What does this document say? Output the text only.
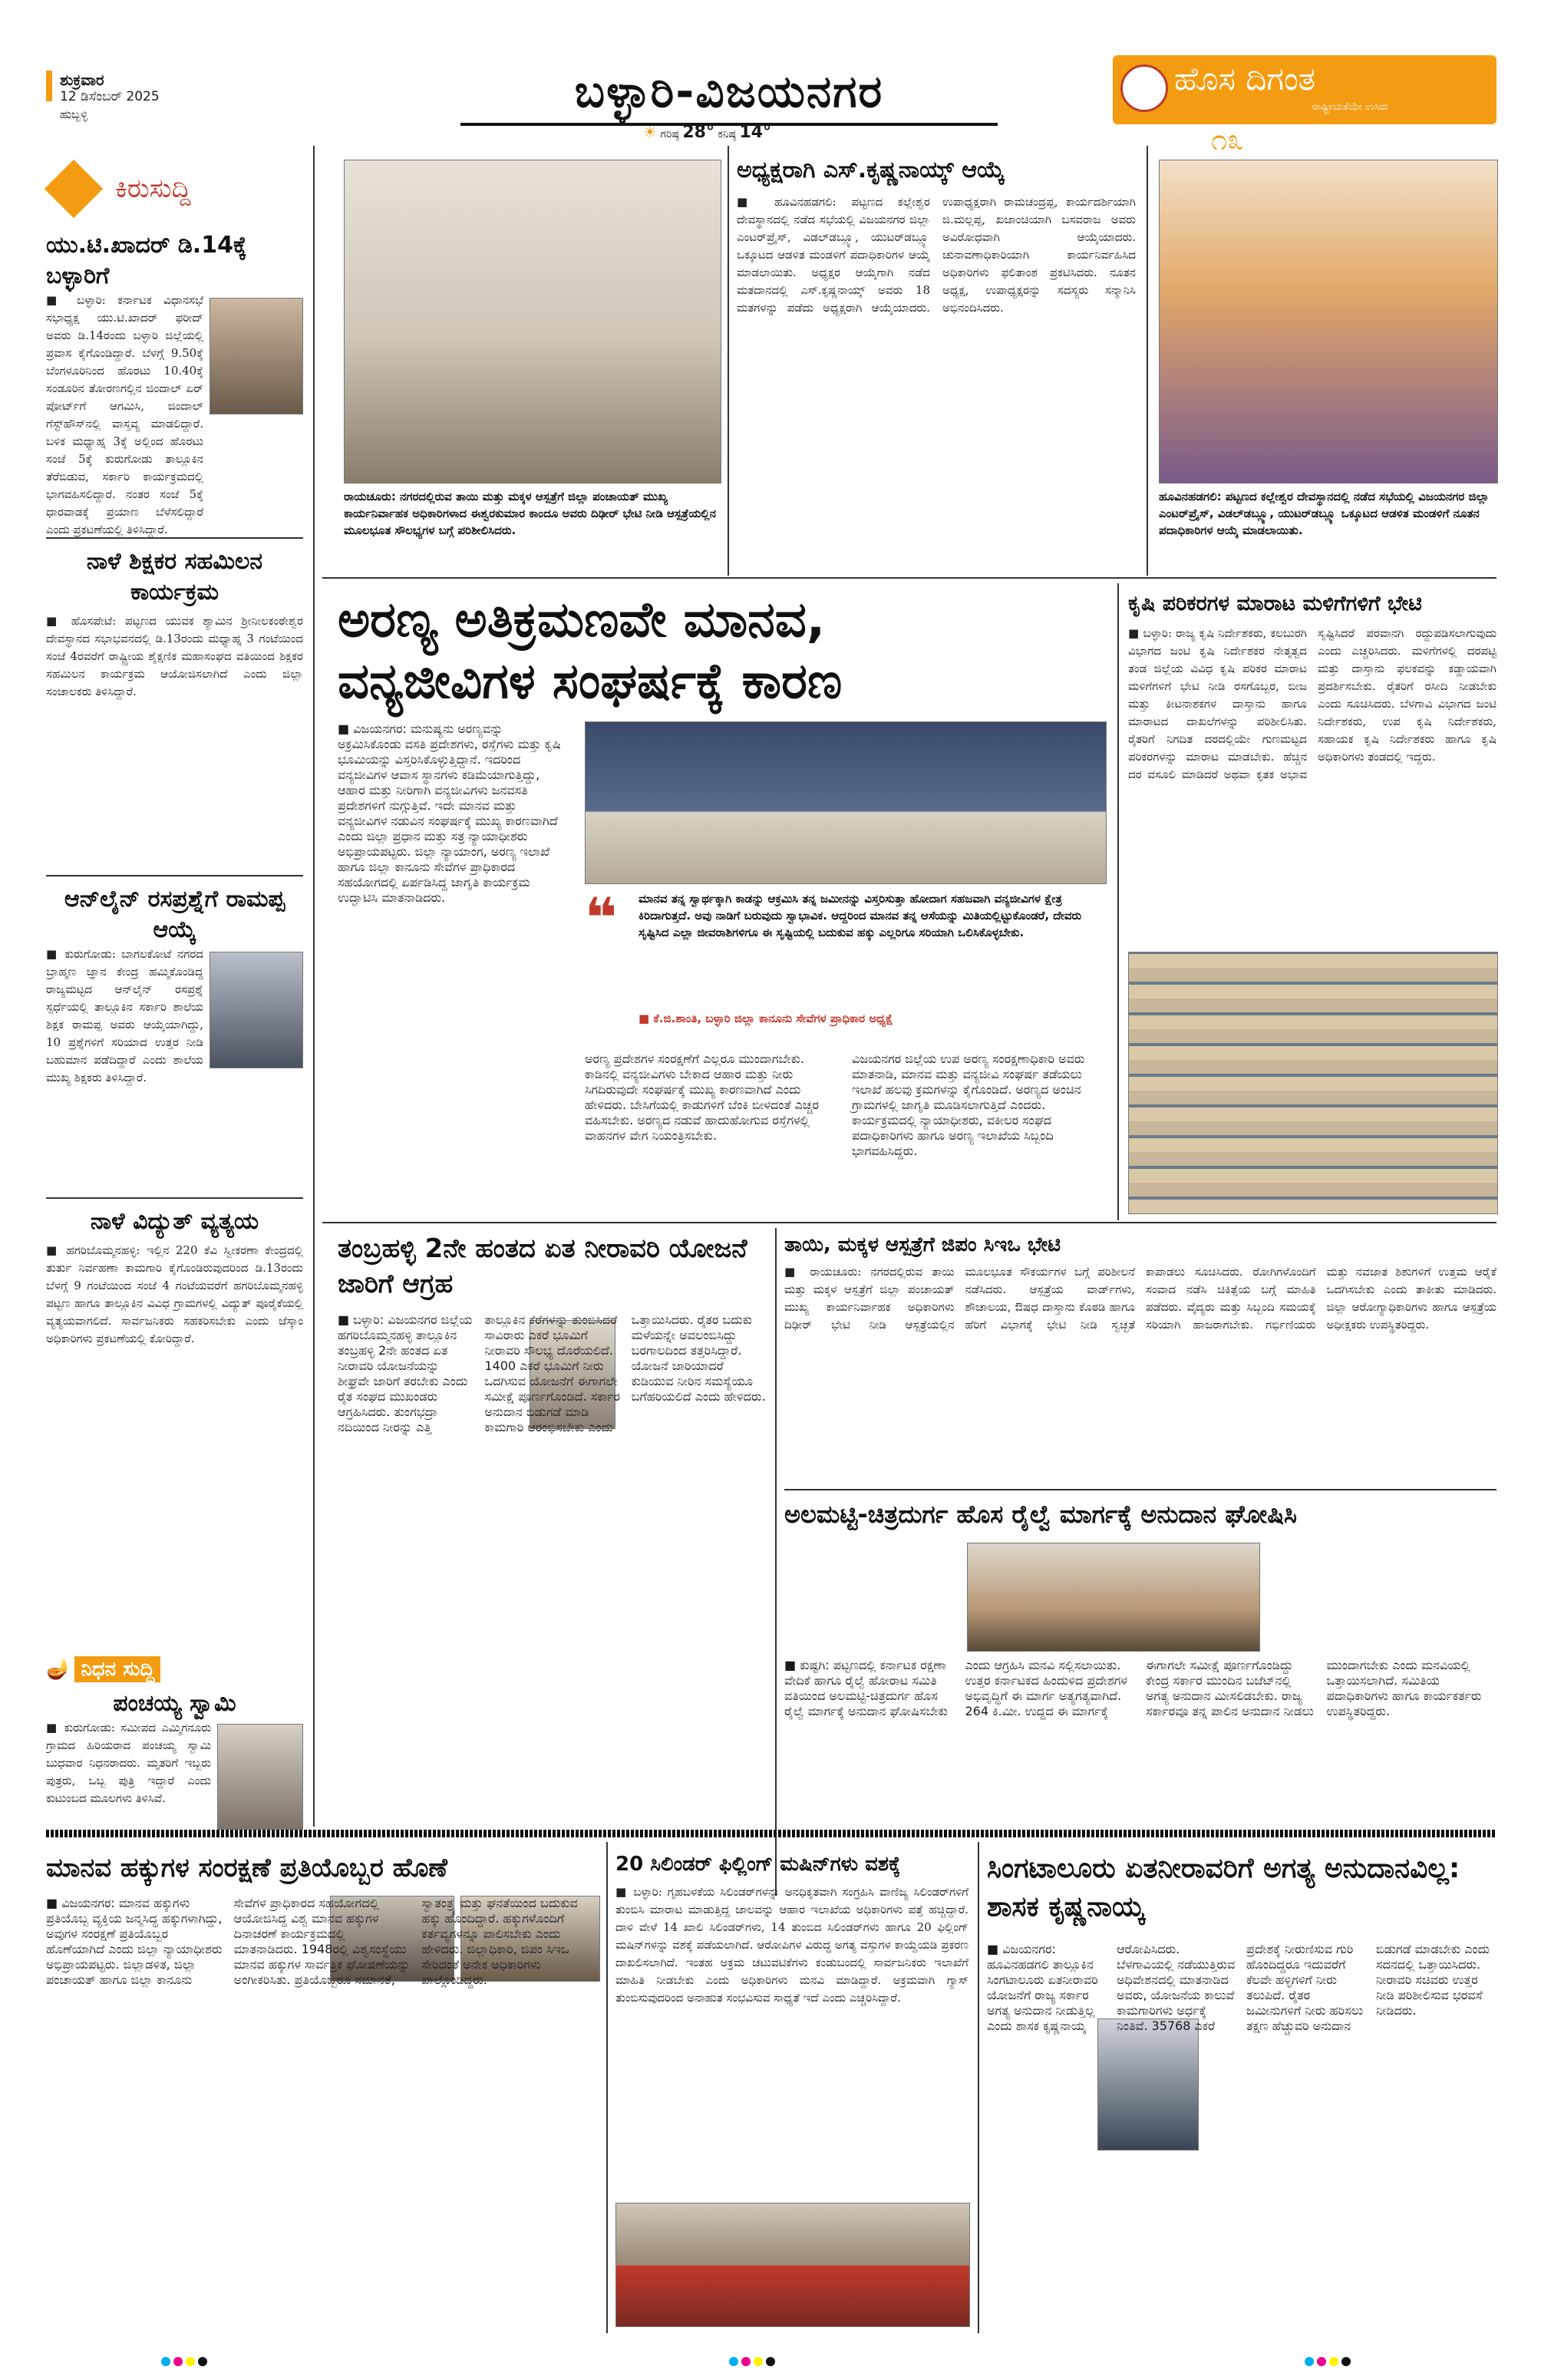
ಶುಕ್ರವಾರ
12 ಡಿಸೆಂಬರ್ 2025
ಹುಬ್ಬಳ್ಳಿ	ಬಳ್ಳಾರಿ-ವಿಜಯನಗರ
☀ ಗರಿಷ್ಠ 28° ಕನಿಷ್ಠ 14°
ಹೊಸ ದಿಗಂತ
ರಾಷ್ಟ್ರೀಯತೆಯೇ ಉಸಿರು
೧೩
ಕಿರುಸುದ್ದಿ
ಯು.ಟಿ.ಖಾದರ್ ಡಿ.14ಕ್ಕೆ ಬಳ್ಳಾರಿಗೆ
■ ಬಳ್ಳಾರಿ: ಕರ್ನಾಟಕ ವಿಧಾನಸಭೆ ಸಭಾಧ್ಯಕ್ಷ ಯು.ಟಿ.ಖಾದರ್ ಫರೀದ್ ಅವರು ಡಿ.14ರಂದು ಬಳ್ಳಾರಿ ಜಿಲ್ಲೆಯಲ್ಲಿ ಪ್ರವಾಸ ಕೈಗೊಂಡಿದ್ದಾರೆ. ಬೆಳಗ್ಗೆ 9.50ಕ್ಕೆ ಬೆಂಗಳೂರಿನಿಂದ ಹೊರಟು 10.40ಕ್ಕೆ ಸಂಡೂರಿನ ತೋರಣಗಲ್ಲಿನ ಜಿಂದಾಲ್ ಏರ್ ಪೋರ್ಟ್‌ಗೆ ಆಗಮಿಸಿ, ಜಿಂದಾಲ್ ಗೆಸ್ಟ್‌ಹೌಸ್‌ನಲ್ಲಿ ವಾಸ್ತವ್ಯ ಮಾಡಲಿದ್ದಾರೆ. ಬಳಿಕ ಮಧ್ಯಾಹ್ನ 3ಕ್ಕೆ ಅಲ್ಲಿಂದ ಹೊರಟು ಸಂಜೆ 5ಕ್ಕೆ ಕುರುಗೋಡು ತಾಲ್ಲೂಕಿನ ತೆರೆಬಿಡುವ, ಸರ್ಕಾರಿ ಕಾರ್ಯಕ್ರಮದಲ್ಲಿ ಭಾಗವಹಿಸಲಿದ್ದಾರೆ. ನಂತರ ಸಂಜೆ 5ಕ್ಕೆ ಧಾರವಾಡಕ್ಕೆ ಪ್ರಯಾಣ ಬೆಳೆಸಲಿದ್ದಾರೆ ಎಂದು ಪ್ರಕಟಣೆಯಲ್ಲಿ ತಿಳಿಸಿದ್ದಾರೆ.
ನಾಳೆ ಶಿಕ್ಷಕರ ಸಹಮಿಲನ ಕಾರ್ಯಕ್ರಮ
■ ಹೊಸಪೇಟೆ: ಪಟ್ಟಣದ ಯುವಕ ಶ್ಯಾಮಿನ ಶ್ರೀನೀಲಕಂಠೇಶ್ವರ ದೇವಸ್ಥಾನದ ಸಭಾಭವನದಲ್ಲಿ ಡಿ.13ರಂದು ಮಧ್ಯಾಹ್ನ 3 ಗಂಟೆಯಿಂದ ಸಂಜೆ 4ರವರೆಗೆ ರಾಷ್ಟ್ರೀಯ ಶೈಕ್ಷಣಿಕ ಮಹಾಸಂಘದ ವತಿಯಿಂದ ಶಿಕ್ಷಕರ ಸಹಮಿಲನ ಕಾರ್ಯಕ್ರಮ ಆಯೋಜಿಸಲಾಗಿದೆ ಎಂದು ಜಿಲ್ಲಾ ಸಂಚಾಲಕರು ತಿಳಿಸಿದ್ದಾರೆ.
ಆನ್‌ಲೈನ್ ರಸಪ್ರಶ್ನೆಗೆ ರಾಮಪ್ಪ ಆಯ್ಕೆ
■ ಕುರುಗೋಡು: ಬಾಗಲಕೋಟೆ ನಗರದ ಬ್ರಾಹ್ಮಣ ಜ್ಞಾನ ಕೇಂದ್ರ ಹಮ್ಮಿಕೊಂಡಿದ್ದ ರಾಜ್ಯಮಟ್ಟದ ಆನ್‌ಲೈನ್ ರಸಪ್ರಶ್ನೆ ಸ್ಪರ್ಧೆಯಲ್ಲಿ ತಾಲ್ಲೂಕಿನ ಸರ್ಕಾರಿ ಶಾಲೆಯ ಶಿಕ್ಷಕ ರಾಮಪ್ಪ ಅವರು ಆಯ್ಕೆಯಾಗಿದ್ದು, 10 ಪ್ರಶ್ನೆಗಳಿಗೆ ಸರಿಯಾದ ಉತ್ತರ ನೀಡಿ ಬಹುಮಾನ ಪಡೆದಿದ್ದಾರೆ ಎಂದು ಶಾಲೆಯ ಮುಖ್ಯ ಶಿಕ್ಷಕರು ತಿಳಿಸಿದ್ದಾರೆ.
ನಾಳೆ ವಿದ್ಯುತ್ ವ್ಯತ್ಯಯ
■ ಹಗರಿಬೊಮ್ಮನಹಳ್ಳಿ: ಇಲ್ಲಿನ 220 ಕೆವಿ ಸ್ವೀಕರಣಾ ಕೇಂದ್ರದಲ್ಲಿ ತುರ್ತು ನಿರ್ವಹಣಾ ಕಾಮಗಾರಿ ಕೈಗೊಂಡಿರುವುದರಿಂದ ಡಿ.13ರಂದು ಬೆಳಗ್ಗೆ 9 ಗಂಟೆಯಿಂದ ಸಂಜೆ 4 ಗಂಟೆಯವರೆಗೆ ಹಗರಿಬೊಮ್ಮನಹಳ್ಳಿ ಪಟ್ಟಣ ಹಾಗೂ ತಾಲ್ಲೂಕಿನ ವಿವಿಧ ಗ್ರಾಮಗಳಲ್ಲಿ ವಿದ್ಯುತ್ ಪೂರೈಕೆಯಲ್ಲಿ ವ್ಯತ್ಯಯವಾಗಲಿದೆ. ಸಾರ್ವಜನಿಕರು ಸಹಕರಿಸಬೇಕು ಎಂದು ಜೆಸ್ಕಾಂ ಅಧಿಕಾರಿಗಳು ಪ್ರಕಟಣೆಯಲ್ಲಿ ಕೋರಿದ್ದಾರೆ.
🪔 ನಿಧನ ಸುದ್ದಿ
ಪಂಚಯ್ಯ ಸ್ವಾಮಿ
■ ಕುರುಗೋಡು: ಸಮೀಪದ ಎಮ್ಮಿಗನೂರು ಗ್ರಾಮದ ಹಿರಿಯರಾದ ಪಂಚಯ್ಯ ಸ್ವಾಮಿ ಬುಧವಾರ ನಿಧನರಾದರು. ಮೃತರಿಗೆ ಇಬ್ಬರು ಪುತ್ರರು, ಒಬ್ಬ ಪುತ್ರಿ ಇದ್ದಾರೆ ಎಂದು ಕುಟುಂಬದ ಮೂಲಗಳು ತಿಳಿಸಿವೆ.
ರಾಯಚೂರು: ನಗರದಲ್ಲಿರುವ ತಾಯಿ ಮತ್ತು ಮಕ್ಕಳ ಆಸ್ಪತ್ರೆಗೆ ಜಿಲ್ಲಾ ಪಂಚಾಯತ್ ಮುಖ್ಯ ಕಾರ್ಯನಿರ್ವಾಹಕ ಅಧಿಕಾರಿಗಳಾದ ಈಶ್ವರಕುಮಾರ ಕಾಂದೂ ಅವರು ದಿಢೀರ್ ಭೇಟಿ ನೀಡಿ ಆಸ್ಪತ್ರೆಯಲ್ಲಿನ ಮೂಲಭೂತ ಸೌಲಭ್ಯಗಳ ಬಗ್ಗೆ ಪರಿಶೀಲಿಸಿದರು.
ಅಧ್ಯಕ್ಷರಾಗಿ ಎಸ್.ಕೃಷ್ಣನಾಯ್ಕ್ ಆಯ್ಕೆ
■ ಹೂವಿನಹಡಗಲಿ: ಪಟ್ಟಣದ ಕಲ್ಲೇಶ್ವರ ದೇವಸ್ಥಾನದಲ್ಲಿ ನಡೆದ ಸಭೆಯಲ್ಲಿ ವಿಜಯನಗರ ಜಿಲ್ಲಾ ಎಂಟರ್‌ಪ್ರೈಸ್, ವಿಡಲ್‌ಡಬ್ಲ್ಯೂ, ಯುಟರ್‌ಡಬ್ಲ್ಯೂ ಒಕ್ಕೂಟದ ಆಡಳಿತ ಮಂಡಳಿಗೆ ಪದಾಧಿಕಾರಿಗಳ ಆಯ್ಕೆ ಮಾಡಲಾಯಿತು. ಅಧ್ಯಕ್ಷರ ಆಯ್ಕೆಗಾಗಿ ನಡೆದ ಮತದಾನದಲ್ಲಿ ಎಸ್.ಕೃಷ್ಣನಾಯ್ಕ್ ಅವರು 18 ಮತಗಳನ್ನು ಪಡೆದು ಅಧ್ಯಕ್ಷರಾಗಿ ಆಯ್ಕೆಯಾದರು. ಉಪಾಧ್ಯಕ್ಷರಾಗಿ ರಾಮಚಂದ್ರಪ್ಪ, ಕಾರ್ಯದರ್ಶಿಯಾಗಿ ಜಿ.ಮಲ್ಲಪ್ಪ, ಖಜಾಂಚಿಯಾಗಿ ಬಸವರಾಜ ಅವರು ಅವಿರೋಧವಾಗಿ ಆಯ್ಕೆಯಾದರು. ಚುನಾವಣಾಧಿಕಾರಿಯಾಗಿ ಕಾರ್ಯನಿರ್ವಹಿಸಿದ ಅಧಿಕಾರಿಗಳು ಫಲಿತಾಂಶ ಪ್ರಕಟಿಸಿದರು. ನೂತನ ಅಧ್ಯಕ್ಷ, ಉಪಾಧ್ಯಕ್ಷರನ್ನು ಸದಸ್ಯರು ಸನ್ಮಾನಿಸಿ ಅಭಿನಂದಿಸಿದರು.
ಹೂವಿನಹಡಗಲಿ: ಪಟ್ಟಣದ ಕಲ್ಲೇಶ್ವರ ದೇವಸ್ಥಾನದಲ್ಲಿ ನಡೆದ ಸಭೆಯಲ್ಲಿ ವಿಜಯನಗರ ಜಿಲ್ಲಾ ಎಂಟರ್‌ಪ್ರೈಸ್, ವಿಡಲ್‌ಡಬ್ಲ್ಯೂ, ಯುಟರ್‌ಡಬ್ಲ್ಯೂ ಒಕ್ಕೂಟದ ಆಡಳಿತ ಮಂಡಳಿಗೆ ನೂತನ ಪದಾಧಿಕಾರಿಗಳ ಆಯ್ಕೆ ಮಾಡಲಾಯಿತು.
ಅರಣ್ಯ ಅತಿಕ್ರಮಣವೇ ಮಾನವ,
ವನ್ಯಜೀವಿಗಳ ಸಂಘರ್ಷಕ್ಕೆ ಕಾರಣ
■ ವಿಜಯನಗರ: ಮನುಷ್ಯನು ಅರಣ್ಯವನ್ನು ಅಕ್ರಮಿಸಿಕೊಂಡು ವಸತಿ ಪ್ರದೇಶಗಳು, ರಸ್ತೆಗಳು ಮತ್ತು ಕೃಷಿ ಭೂಮಿಯನ್ನು ವಿಸ್ತರಿಸಿಕೊಳ್ಳುತ್ತಿದ್ದಾನೆ. ಇದರಿಂದ ವನ್ಯಜೀವಿಗಳ ಆವಾಸ ಸ್ಥಾನಗಳು ಕಡಿಮೆಯಾಗುತ್ತಿದ್ದು, ಆಹಾರ ಮತ್ತು ನೀರಿಗಾಗಿ ವನ್ಯಜೀವಿಗಳು ಜನವಸತಿ ಪ್ರದೇಶಗಳಿಗೆ ನುಗ್ಗುತ್ತಿವೆ. ಇದೇ ಮಾನವ ಮತ್ತು ವನ್ಯಜೀವಿಗಳ ನಡುವಿನ ಸಂಘರ್ಷಕ್ಕೆ ಮುಖ್ಯ ಕಾರಣವಾಗಿದೆ ಎಂದು ಜಿಲ್ಲಾ ಪ್ರಧಾನ ಮತ್ತು ಸತ್ರ ನ್ಯಾಯಾಧೀಶರು ಅಭಿಪ್ರಾಯಪಟ್ಟರು. ಜಿಲ್ಲಾ ನ್ಯಾಯಾಂಗ, ಅರಣ್ಯ ಇಲಾಖೆ ಹಾಗೂ ಜಿಲ್ಲಾ ಕಾನೂನು ಸೇವೆಗಳ ಪ್ರಾಧಿಕಾರದ ಸಹಯೋಗದಲ್ಲಿ ಏರ್ಪಡಿಸಿದ್ದ ಜಾಗೃತಿ ಕಾರ್ಯಕ್ರಮ ಉದ್ಘಾಟಿಸಿ ಮಾತನಾಡಿದರು.	❝ ಮಾನವ ತನ್ನ ಸ್ವಾರ್ಥಕ್ಕಾಗಿ ಕಾಡನ್ನು ಆಕ್ರಮಿಸಿ ತನ್ನ ಜಮೀನನ್ನು ವಿಸ್ತರಿಸುತ್ತಾ ಹೋದಾಗ ಸಹಜವಾಗಿ ವನ್ಯಜೀವಿಗಳ ಕ್ಷೇತ್ರ ಕಿರಿದಾಗುತ್ತದೆ. ಅವು ನಾಡಿಗೆ ಬರುವುದು ಸ್ವಾಭಾವಿಕ. ಆದ್ದರಿಂದ ಮಾನವ ತನ್ನ ಆಸೆಯನ್ನು ಮಿತಿಯಲ್ಲಿಟ್ಟುಕೊಂಡರೆ, ದೇವರು ಸೃಷ್ಟಿಸಿದ ಎಲ್ಲಾ ಜೀವರಾಶಿಗಳಿಗೂ ಈ ಸೃಷ್ಟಿಯಲ್ಲಿ ಬದುಕುವ ಹಕ್ಕು ಎಲ್ಲರಿಗೂ ಸರಿಯಾಗಿ ಒಲಿಸಿಕೊಳ್ಳಬೇಕು.
■ ಕೆ.ಜಿ.ಶಾಂತಿ, ಬಳ್ಳಾರಿ ಜಿಲ್ಲಾ ಕಾನೂನು ಸೇವೆಗಳ ಪ್ರಾಧಿಕಾರ ಅಧ್ಯಕ್ಷೆ
ಅರಣ್ಯ ಪ್ರದೇಶಗಳ ಸಂರಕ್ಷಣೆಗೆ ಎಲ್ಲರೂ ಮುಂದಾಗಬೇಕು. ಕಾಡಿನಲ್ಲಿ ವನ್ಯಜೀವಿಗಳು ಬೇಕಾದ ಆಹಾರ ಮತ್ತು ನೀರು ಸಿಗದಿರುವುದೇ ಸಂಘರ್ಷಕ್ಕೆ ಮುಖ್ಯ ಕಾರಣವಾಗಿದೆ ಎಂದು ಹೇಳಿದರು. ಬೇಸಿಗೆಯಲ್ಲಿ ಕಾಡುಗಳಿಗೆ ಬೆಂಕಿ ಬೀಳದಂತೆ ಎಚ್ಚರ ವಹಿಸಬೇಕು. ಅರಣ್ಯದ ನಡುವೆ ಹಾದುಹೋಗುವ ರಸ್ತೆಗಳಲ್ಲಿ ವಾಹನಗಳ ವೇಗ ನಿಯಂತ್ರಿಸಬೇಕು.
ವಿಜಯನಗರ ಜಿಲ್ಲೆಯ ಉಪ ಅರಣ್ಯ ಸಂರಕ್ಷಣಾಧಿಕಾರಿ ಅವರು ಮಾತನಾಡಿ, ಮಾನವ ಮತ್ತು ವನ್ಯಜೀವಿ ಸಂಘರ್ಷ ತಡೆಯಲು ಇಲಾಖೆ ಹಲವು ಕ್ರಮಗಳನ್ನು ಕೈಗೊಂಡಿದೆ. ಅರಣ್ಯದ ಅಂಚಿನ ಗ್ರಾಮಗಳಲ್ಲಿ ಜಾಗೃತಿ ಮೂಡಿಸಲಾಗುತ್ತಿದೆ ಎಂದರು. ಕಾರ್ಯಕ್ರಮದಲ್ಲಿ ನ್ಯಾಯಾಧೀಶರು, ವಕೀಲರ ಸಂಘದ ಪದಾಧಿಕಾರಿಗಳು ಹಾಗೂ ಅರಣ್ಯ ಇಲಾಖೆಯ ಸಿಬ್ಬಂದಿ ಭಾಗವಹಿಸಿದ್ದರು.
ಕೃಷಿ ಪರಿಕರಗಳ ಮಾರಾಟ ಮಳಿಗೆಗಳಿಗೆ ಭೇಟಿ
■ ಬಳ್ಳಾರಿ: ರಾಜ್ಯ ಕೃಷಿ ನಿರ್ದೇಶಕರು, ಕಲಬುರಗಿ ವಿಭಾಗದ ಜಂಟಿ ಕೃಷಿ ನಿರ್ದೇಶಕರ ನೇತೃತ್ವದ ತಂಡ ಜಿಲ್ಲೆಯ ವಿವಿಧ ಕೃಷಿ ಪರಿಕರ ಮಾರಾಟ ಮಳಿಗೆಗಳಿಗೆ ಭೇಟಿ ನೀಡಿ ರಸಗೊಬ್ಬರ, ಬೀಜ ಮತ್ತು ಕೀಟನಾಶಕಗಳ ದಾಸ್ತಾನು ಹಾಗೂ ಮಾರಾಟದ ದಾಖಲೆಗಳನ್ನು ಪರಿಶೀಲಿಸಿತು. ರೈತರಿಗೆ ನಿಗದಿತ ದರದಲ್ಲಿಯೇ ಗುಣಮಟ್ಟದ ಪರಿಕರಗಳನ್ನು ಮಾರಾಟ ಮಾಡಬೇಕು. ಹೆಚ್ಚಿನ ದರ ವಸೂಲಿ ಮಾಡಿದರೆ ಅಥವಾ ಕೃತಕ ಅಭಾವ ಸೃಷ್ಟಿಸಿದರೆ ಪರವಾನಗಿ ರದ್ದುಪಡಿಸಲಾಗುವುದು ಎಂದು ಎಚ್ಚರಿಸಿದರು. ಮಳಿಗೆಗಳಲ್ಲಿ ದರಪಟ್ಟಿ ಮತ್ತು ದಾಸ್ತಾನು ಫಲಕವನ್ನು ಕಡ್ಡಾಯವಾಗಿ ಪ್ರದರ್ಶಿಸಬೇಕು. ರೈತರಿಗೆ ರಸೀದಿ ನೀಡಬೇಕು ಎಂದು ಸೂಚಿಸಿದರು. ಬೆಳಗಾವಿ ವಿಭಾಗದ ಜಂಟಿ ನಿರ್ದೇಶಕರು, ಉಪ ಕೃಷಿ ನಿರ್ದೇಶಕರು, ಸಹಾಯಕ ಕೃಷಿ ನಿರ್ದೇಶಕರು ಹಾಗೂ ಕೃಷಿ ಅಧಿಕಾರಿಗಳು ತಂಡದಲ್ಲಿ ಇದ್ದರು.
ತಂಬ್ರಹಳ್ಳಿ 2ನೇ ಹಂತದ ಏತ ನೀರಾವರಿ ಯೋಜನೆ ಜಾರಿಗೆ ಆಗ್ರಹ
■ ಬಳ್ಳಾರಿ: ವಿಜಯನಗರ ಜಿಲ್ಲೆಯ ಹಗರಿಬೊಮ್ಮನಹಳ್ಳಿ ತಾಲ್ಲೂಕಿನ ತಂಬ್ರಹಳ್ಳಿ 2ನೇ ಹಂತದ ಏತ ನೀರಾವರಿ ಯೋಜನೆಯನ್ನು ಶೀಘ್ರವೇ ಜಾರಿಗೆ ತರಬೇಕು ಎಂದು ರೈತ ಸಂಘದ ಮುಖಂಡರು ಆಗ್ರಹಿಸಿದರು. ತುಂಗಭದ್ರಾ ನದಿಯಿಂದ ನೀರನ್ನು ಎತ್ತಿ ತಾಲ್ಲೂಕಿನ ಕೆರೆಗಳನ್ನು ತುಂಬಿಸಿದರೆ ಸಾವಿರಾರು ಎಕರೆ ಭೂಮಿಗೆ ನೀರಾವರಿ ಸೌಲಭ್ಯ ದೊರೆಯಲಿದೆ. 1400 ಎಕರೆ ಭೂಮಿಗೆ ನೀರು ಒದಗಿಸುವ ಯೋಜನೆಗೆ ಈಗಾಗಲೇ ಸಮೀಕ್ಷೆ ಪೂರ್ಣಗೊಂಡಿದೆ. ಸರ್ಕಾರ ಅನುದಾನ ಬಿಡುಗಡೆ ಮಾಡಿ ಕಾಮಗಾರಿ ಆರಂಭಿಸಬೇಕು ಎಂದು ಒತ್ತಾಯಿಸಿದರು. ರೈತರ ಬದುಕು ಮಳೆಯನ್ನೇ ಅವಲಂಬಿಸಿದ್ದು ಬರಗಾಲದಿಂದ ತತ್ತರಿಸಿದ್ದಾರೆ. ಯೋಜನೆ ಜಾರಿಯಾದರೆ ಕುಡಿಯುವ ನೀರಿನ ಸಮಸ್ಯೆಯೂ ಬಗೆಹರಿಯಲಿದೆ ಎಂದು ಹೇಳಿದರು.
ತಾಯಿ, ಮಕ್ಕಳ ಆಸ್ಪತ್ರೆಗೆ ಜಿಪಂ ಸಿಇಒ ಭೇಟಿ
■ ರಾಯಚೂರು: ನಗರದಲ್ಲಿರುವ ತಾಯಿ ಮತ್ತು ಮಕ್ಕಳ ಆಸ್ಪತ್ರೆಗೆ ಜಿಲ್ಲಾ ಪಂಚಾಯತ್ ಮುಖ್ಯ ಕಾರ್ಯನಿರ್ವಾಹಕ ಅಧಿಕಾರಿಗಳು ದಿಢೀರ್ ಭೇಟಿ ನೀಡಿ ಆಸ್ಪತ್ರೆಯಲ್ಲಿನ ಮೂಲಭೂತ ಸೌಕರ್ಯಗಳ ಬಗ್ಗೆ ಪರಿಶೀಲನೆ ನಡೆಸಿದರು. ಆಸ್ಪತ್ರೆಯ ವಾರ್ಡ್‌ಗಳು, ಶೌಚಾಲಯ, ಔಷಧ ದಾಸ್ತಾನು ಕೊಠಡಿ ಹಾಗೂ ಹೆರಿಗೆ ವಿಭಾಗಕ್ಕೆ ಭೇಟಿ ನೀಡಿ ಸ್ವಚ್ಛತೆ ಕಾಪಾಡಲು ಸೂಚಿಸಿದರು. ರೋಗಿಗಳೊಂದಿಗೆ ಸಂವಾದ ನಡೆಸಿ ಚಿಕಿತ್ಸೆಯ ಬಗ್ಗೆ ಮಾಹಿತಿ ಪಡೆದರು. ವೈದ್ಯರು ಮತ್ತು ಸಿಬ್ಬಂದಿ ಸಮಯಕ್ಕೆ ಸರಿಯಾಗಿ ಹಾಜರಾಗಬೇಕು. ಗರ್ಭಿಣಿಯರು ಮತ್ತು ನವಜಾತ ಶಿಶುಗಳಿಗೆ ಉತ್ತಮ ಆರೈಕೆ ಒದಗಿಸಬೇಕು ಎಂದು ತಾಕೀತು ಮಾಡಿದರು. ಜಿಲ್ಲಾ ಆರೋಗ್ಯಾಧಿಕಾರಿಗಳು ಹಾಗೂ ಆಸ್ಪತ್ರೆಯ ಅಧೀಕ್ಷಕರು ಉಪಸ್ಥಿತರಿದ್ದರು.
ಅಲಮಟ್ಟಿ-ಚಿತ್ರದುರ್ಗ ಹೊಸ ರೈಲ್ವೆ ಮಾರ್ಗಕ್ಕೆ ಅನುದಾನ ಘೋಷಿಸಿ
■ ಕುಷ್ಟಗಿ: ಪಟ್ಟಣದಲ್ಲಿ ಕರ್ನಾಟಕ ರಕ್ಷಣಾ ವೇದಿಕೆ ಹಾಗೂ ರೈಲ್ವೆ ಹೋರಾಟ ಸಮಿತಿ ವತಿಯಿಂದ ಅಲಮಟ್ಟಿ-ಚಿತ್ರದುರ್ಗ ಹೊಸ ರೈಲ್ವೆ ಮಾರ್ಗಕ್ಕೆ ಅನುದಾನ ಘೋಷಿಸಬೇಕು ಎಂದು ಆಗ್ರಹಿಸಿ ಮನವಿ ಸಲ್ಲಿಸಲಾಯಿತು. ಉತ್ತರ ಕರ್ನಾಟಕದ ಹಿಂದುಳಿದ ಪ್ರದೇಶಗಳ ಅಭಿವೃದ್ಧಿಗೆ ಈ ಮಾರ್ಗ ಅತ್ಯಗತ್ಯವಾಗಿದೆ. 264 ಕಿ.ಮೀ. ಉದ್ದದ ಈ ಮಾರ್ಗಕ್ಕೆ ಈಗಾಗಲೇ ಸಮೀಕ್ಷೆ ಪೂರ್ಣಗೊಂಡಿದ್ದು ಕೇಂದ್ರ ಸರ್ಕಾರ ಮುಂದಿನ ಬಜೆಟ್‌ನಲ್ಲಿ ಅಗತ್ಯ ಅನುದಾನ ಮೀಸಲಿಡಬೇಕು. ರಾಜ್ಯ ಸರ್ಕಾರವೂ ತನ್ನ ಪಾಲಿನ ಅನುದಾನ ನೀಡಲು ಮುಂದಾಗಬೇಕು ಎಂದು ಮನವಿಯಲ್ಲಿ ಒತ್ತಾಯಿಸಲಾಗಿದೆ. ಸಮಿತಿಯ ಪದಾಧಿಕಾರಿಗಳು ಹಾಗೂ ಕಾರ್ಯಕರ್ತರು ಉಪಸ್ಥಿತರಿದ್ದರು.
ಮಾನವ ಹಕ್ಕುಗಳ ಸಂರಕ್ಷಣೆ ಪ್ರತಿಯೊಬ್ಬರ ಹೊಣೆ
■ ವಿಜಯನಗರ: ಮಾನವ ಹಕ್ಕುಗಳು ಪ್ರತಿಯೊಬ್ಬ ವ್ಯಕ್ತಿಯ ಜನ್ಮಸಿದ್ಧ ಹಕ್ಕುಗಳಾಗಿದ್ದು, ಅವುಗಳ ಸಂರಕ್ಷಣೆ ಪ್ರತಿಯೊಬ್ಬರ ಹೊಣೆಯಾಗಿದೆ ಎಂದು ಜಿಲ್ಲಾ ನ್ಯಾಯಾಧೀಶರು ಅಭಿಪ್ರಾಯಪಟ್ಟರು. ಜಿಲ್ಲಾಡಳಿತ, ಜಿಲ್ಲಾ ಪಂಚಾಯತ್ ಹಾಗೂ ಜಿಲ್ಲಾ ಕಾನೂನು ಸೇವೆಗಳ ಪ್ರಾಧಿಕಾರದ ಸಹಯೋಗದಲ್ಲಿ ಆಯೋಜಿಸಿದ್ದ ವಿಶ್ವ ಮಾನವ ಹಕ್ಕುಗಳ ದಿನಾಚರಣೆ ಕಾರ್ಯಕ್ರಮದಲ್ಲಿ ಮಾತನಾಡಿದರು. 1948ರಲ್ಲಿ ವಿಶ್ವಸಂಸ್ಥೆಯು ಮಾನವ ಹಕ್ಕುಗಳ ಸಾರ್ವತ್ರಿಕ ಘೋಷಣೆಯನ್ನು ಅಂಗೀಕರಿಸಿತು. ಪ್ರತಿಯೊಬ್ಬರೂ ಸಮಾನತೆ, ಸ್ವಾತಂತ್ರ್ಯ ಮತ್ತು ಘನತೆಯಿಂದ ಬದುಕುವ ಹಕ್ಕು ಹೊಂದಿದ್ದಾರೆ. ಹಕ್ಕುಗಳೊಂದಿಗೆ ಕರ್ತವ್ಯಗಳನ್ನೂ ಪಾಲಿಸಬೇಕು ಎಂದು ಹೇಳಿದರು. ಜಿಲ್ಲಾಧಿಕಾರಿ, ಜಿಪಂ ಸಿಇಒ ಸೇರಿದಂತೆ ಅನೇಕ ಅಧಿಕಾರಿಗಳು ಪಾಲ್ಗೊಂಡಿದ್ದರು.
20 ಸಿಲಿಂಡರ್ ಫಿಲ್ಲಿಂಗ್ ಮಷಿನ್‌ಗಳು ವಶಕ್ಕೆ
■ ಬಳ್ಳಾರಿ: ಗೃಹಬಳಕೆಯ ಸಿಲಿಂಡರ್‌ಗಳನ್ನು ಅನಧಿಕೃತವಾಗಿ ಸಂಗ್ರಹಿಸಿ ವಾಣಿಜ್ಯ ಸಿಲಿಂಡರ್‌ಗಳಿಗೆ ತುಂಬಿಸಿ ಮಾರಾಟ ಮಾಡುತ್ತಿದ್ದ ಜಾಲವನ್ನು ಆಹಾರ ಇಲಾಖೆಯ ಅಧಿಕಾರಿಗಳು ಪತ್ತೆ ಹಚ್ಚಿದ್ದಾರೆ. ದಾಳಿ ವೇಳೆ 14 ಖಾಲಿ ಸಿಲಿಂಡರ್‌ಗಳು, 14 ತುಂಬಿದ ಸಿಲಿಂಡರ್‌ಗಳು ಹಾಗೂ 20 ಫಿಲ್ಲಿಂಗ್ ಮಷಿನ್‌ಗಳನ್ನು ವಶಕ್ಕೆ ಪಡೆಯಲಾಗಿದೆ. ಆರೋಪಿಗಳ ವಿರುದ್ಧ ಅಗತ್ಯ ವಸ್ತುಗಳ ಕಾಯ್ದೆಯಡಿ ಪ್ರಕರಣ ದಾಖಲಿಸಲಾಗಿದೆ. ಇಂತಹ ಅಕ್ರಮ ಚಟುವಟಿಕೆಗಳು ಕಂಡುಬಂದಲ್ಲಿ ಸಾರ್ವಜನಿಕರು ಇಲಾಖೆಗೆ ಮಾಹಿತಿ ನೀಡಬೇಕು ಎಂದು ಅಧಿಕಾರಿಗಳು ಮನವಿ ಮಾಡಿದ್ದಾರೆ. ಅಕ್ರಮವಾಗಿ ಗ್ಯಾಸ್ ತುಂಬಿಸುವುದರಿಂದ ಅನಾಹುತ ಸಂಭವಿಸುವ ಸಾಧ್ಯತೆ ಇದೆ ಎಂದು ಎಚ್ಚರಿಸಿದ್ದಾರೆ.
ಸಿಂಗಟಾಲೂರು ಏತನೀರಾವರಿಗೆ ಅಗತ್ಯ ಅನುದಾನವಿಲ್ಲ: ಶಾಸಕ ಕೃಷ್ಣನಾಯ್ಕ
■ ವಿಜಯನಗರ: ಹೂವಿನಹಡಗಲಿ ತಾಲ್ಲೂಕಿನ ಸಿಂಗಟಾಲೂರು ಏತನೀರಾವರಿ ಯೋಜನೆಗೆ ರಾಜ್ಯ ಸರ್ಕಾರ ಅಗತ್ಯ ಅನುದಾನ ನೀಡುತ್ತಿಲ್ಲ ಎಂದು ಶಾಸಕ ಕೃಷ್ಣನಾಯ್ಕ ಆರೋಪಿಸಿದರು. ಬೆಳಗಾವಿಯಲ್ಲಿ ನಡೆಯುತ್ತಿರುವ ಅಧಿವೇಶನದಲ್ಲಿ ಮಾತನಾಡಿದ ಅವರು, ಯೋಜನೆಯ ಕಾಲುವೆ ಕಾಮಗಾರಿಗಳು ಅರ್ಧಕ್ಕೆ ನಿಂತಿವೆ. 35768 ಎಕರೆ ಪ್ರದೇಶಕ್ಕೆ ನೀರುಣಿಸುವ ಗುರಿ ಹೊಂದಿದ್ದರೂ ಇದುವರೆಗೆ ಕೆಲವೇ ಹಳ್ಳಿಗಳಿಗೆ ನೀರು ತಲುಪಿದೆ. ರೈತರ ಜಮೀನುಗಳಿಗೆ ನೀರು ಹರಿಸಲು ತಕ್ಷಣ ಹೆಚ್ಚುವರಿ ಅನುದಾನ ಬಿಡುಗಡೆ ಮಾಡಬೇಕು ಎಂದು ಸದನದಲ್ಲಿ ಒತ್ತಾಯಿಸಿದರು. ನೀರಾವರಿ ಸಚಿವರು ಉತ್ತರ ನೀಡಿ ಪರಿಶೀಲಿಸುವ ಭರವಸೆ ನೀಡಿದರು.
